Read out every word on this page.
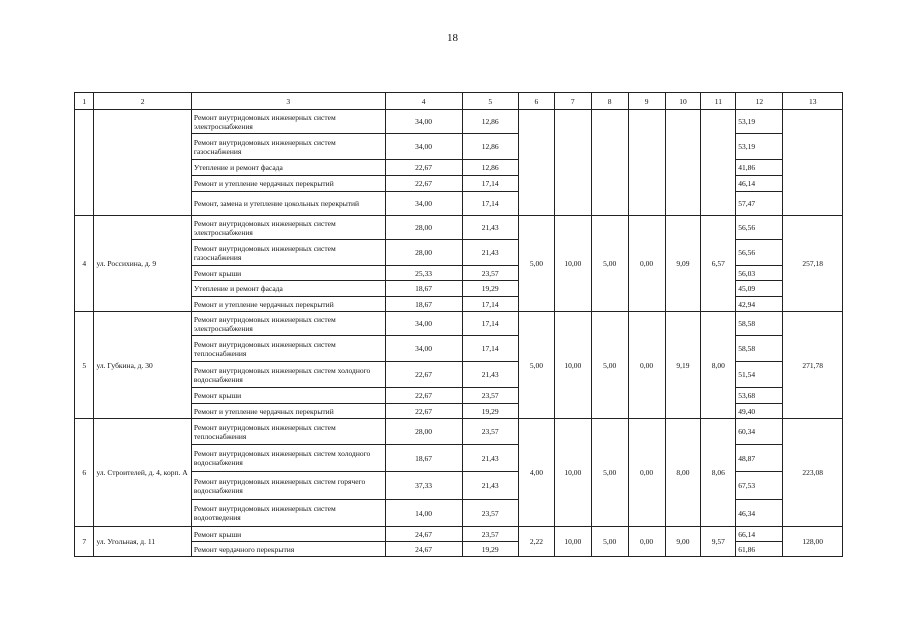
18
1	2	3	4	5	6	7	8	9	10	11	12	13
		Ремонт внутридомовых инженерных систем электроснабжения	34,00	12,86							53,19	
		Ремонт внутридомовых инженерных систем газоснабжения	34,00	12,86							53,19	
		Утепление и ремонт фасада	22,67	12,86							41,86	
		Ремонт и утепление чердачных перекрытий	22,67	17,14							46,14	
		Ремонт, замена и утепление цокольных перекрытий	34,00	17,14							57,47	
4	ул. Россихина, д. 9	Ремонт внутридомовых инженерных систем электроснабжения	28,00	21,43	5,00	10,00	5,00	0,00	9,09	6,57	56,56	257,18
		Ремонт внутридомовых инженерных систем газоснабжения	28,00	21,43							56,56	
		Ремонт крыши	25,33	23,57							56,03	
		Утепление и ремонт фасада	18,67	19,29							45,09	
		Ремонт и утепление чердачных перекрытий	18,67	17,14							42,94	
5	ул. Губкина, д. 30	Ремонт внутридомовых инженерных систем электроснабжения	34,00	17,14	5,00	10,00	5,00	0,00	9,19	8,00	58,58	271,78
		Ремонт внутридомовых инженерных систем теплоснабжения	34,00	17,14							58,58	
		Ремонт внутридомовых инженерных систем холодного водоснабжения	22,67	21,43							51,54	
		Ремонт крыши	22,67	23,57							53,68	
		Ремонт и утепление чердачных перекрытий	22,67	19,29							49,40	
6	ул. Строителей, д. 4, корп. А	Ремонт внутридомовых инженерных систем теплоснабжения	28,00	23,57	4,00	10,00	5,00	0,00	8,00	8,06	60,34	223,08
		Ремонт внутридомовых инженерных систем холодного водоснабжения	18,67	21,43							48,87	
		Ремонт внутридомовых инженерных систем горячего водоснабжения	37,33	21,43							67,53	
		Ремонт внутридомовых инженерных систем водоотведения	14,00	23,57							46,34	
7	ул. Угольная, д. 11	Ремонт крыши	24,67	23,57	2,22	10,00	5,00	0,00	9,00	9,57	66,14	128,00
		Ремонт чердачного перекрытия	24,67	19,29							61,86	
